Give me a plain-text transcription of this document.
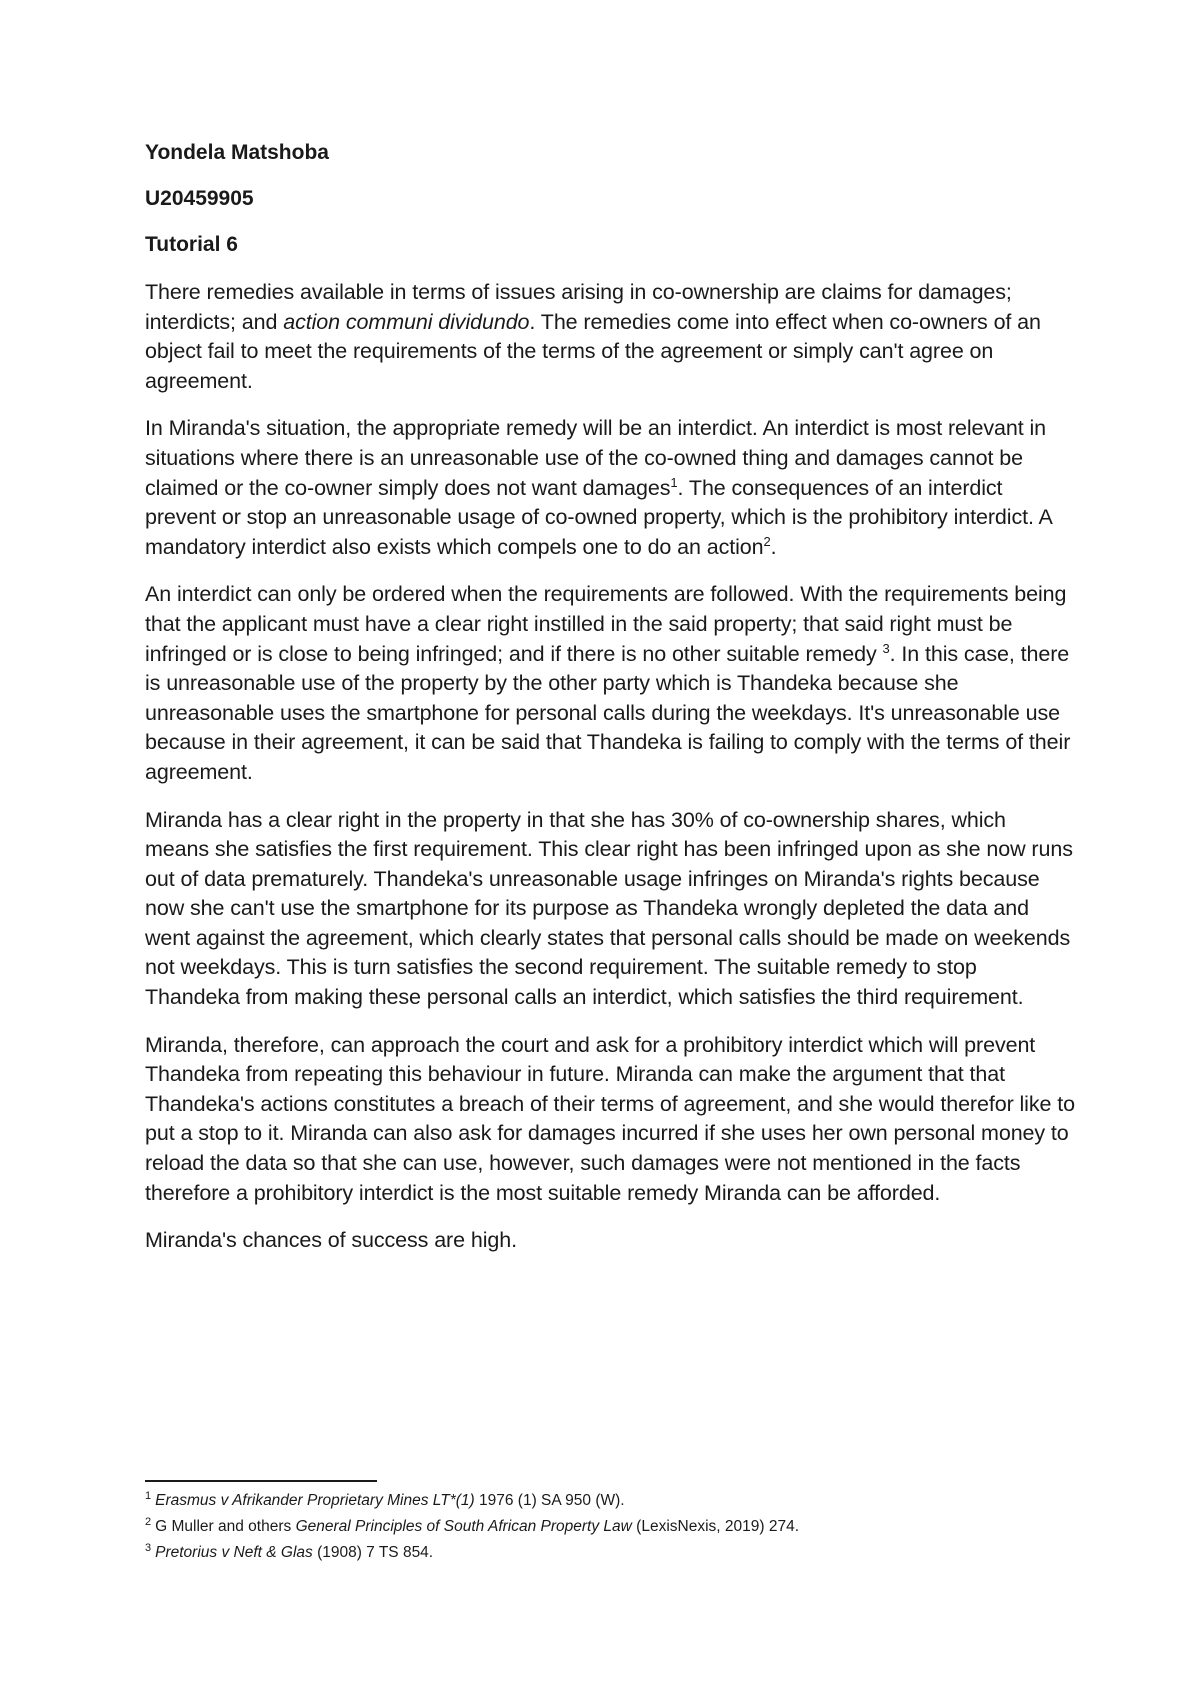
Yondela Matshoba
U20459905
Tutorial 6

There remedies available in terms of issues arising in co-ownership are claims for damages; interdicts; and action communi dividundo. The remedies come into effect when co-owners of an object fail to meet the requirements of the terms of the agreement or simply can't agree on agreement.

In Miranda's situation, the appropriate remedy will be an interdict. An interdict is most relevant in situations where there is an unreasonable use of the co-owned thing and damages cannot be claimed or the co-owner simply does not want damages$^1$. The consequences of an interdict prevent or stop an unreasonable usage of co-owned property, which is the prohibitory interdict. A mandatory interdict also exists which compels one to do an action$^2$.

An interdict can only be ordered when the requirements are followed. With the requirements being that the applicant must have a clear right instilled in the said property; that said right must be infringed or is close to being infringed; and if there is no other suitable remedy $^3$. In this case, there is unreasonable use of the property by the other party which is Thandeka because she unreasonable uses the smartphone for personal calls during the weekdays. It's unreasonable use because in their agreement, it can be said that Thandeka is failing to comply with the terms of their agreement.

Miranda has a clear right in the property in that she has 30% of co-ownership shares, which means she satisfies the first requirement. This clear right has been infringed upon as she now runs out of data prematurely. Thandeka's unreasonable usage infringes on Miranda's rights because now she can't use the smartphone for its purpose as Thandeka wrongly depleted the data and went against the agreement, which clearly states that personal calls should be made on weekends not weekdays. This is turn satisfies the second requirement. The suitable remedy to stop Thandeka from making these personal calls an interdict, which satisfies the third requirement.

Miranda, therefore, can approach the court and ask for a prohibitory interdict which will prevent Thandeka from repeating this behaviour in future. Miranda can make the argument that that Thandeka's actions constitutes a breach of their terms of agreement, and she would therefor like to put a stop to it. Miranda can also ask for damages incurred if she uses her own personal money to reload the data so that she can use, however, such damages were not mentioned in the facts therefore a prohibitory interdict is the most suitable remedy Miranda can be afforded.

Miranda's chances of success are high.

$^1$ Erasmus v Afrikander Proprietary Mines LT*(1) 1976 (1) SA 950 (W).

$^2$ G Muller and others General Principles of South African Property Law (LexisNexis, 2019) 274.

$^3$ Pretorius v Neft & Glas (1908) 7 TS 854.
